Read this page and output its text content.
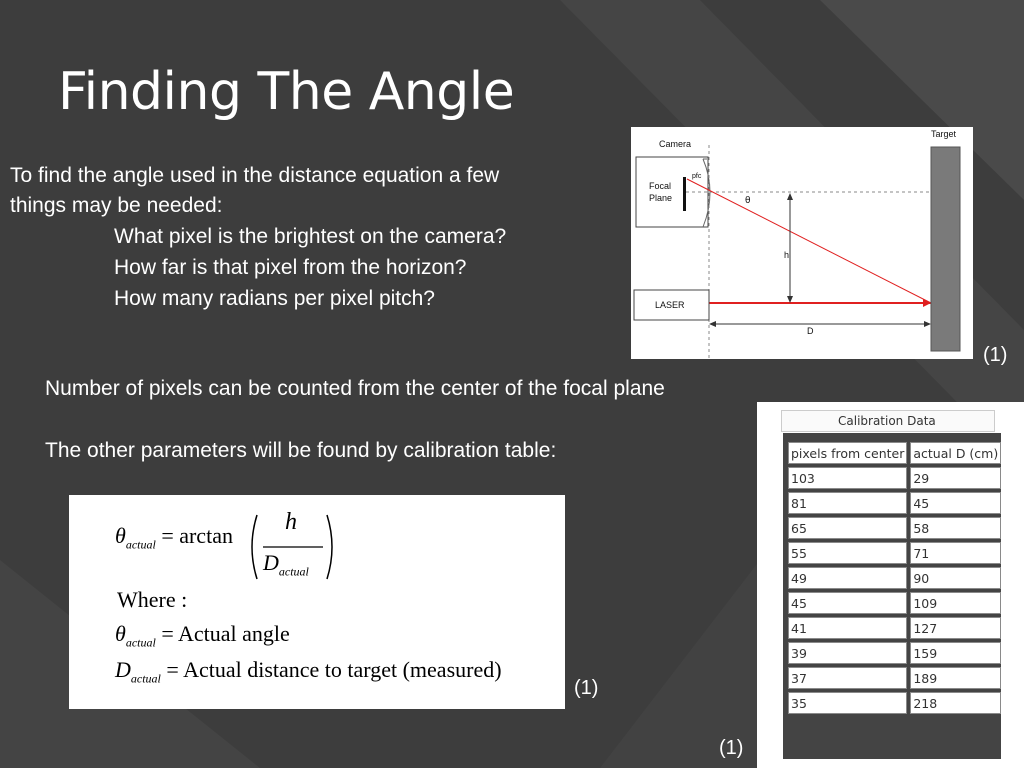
Finding The Angle
To find the angle used in the distance equation a few
things may be needed:
What pixel is the brightest on the camera?
How far is that pixel from the horizon?
How many radians per pixel pitch?
Camera
Focal
Plane
pfc
θ
h
LASER
D
Target
(1)
Number of pixels can be counted from the center of the focal plane
The other parameters will be found by calibration table:
$\theta_{actual} = \arctan$
h
$D_{actual}$
Where :
$\theta_{actual}$ = Actual angle
$D_{actual}$ = Actual distance to target (measured)
(1)
Calibration Data
pixels from center	actual D (cm)
103	29
81	45
65	58
55	71
49	90
45	109
41	127
39	159
37	189
35	218
(1)
